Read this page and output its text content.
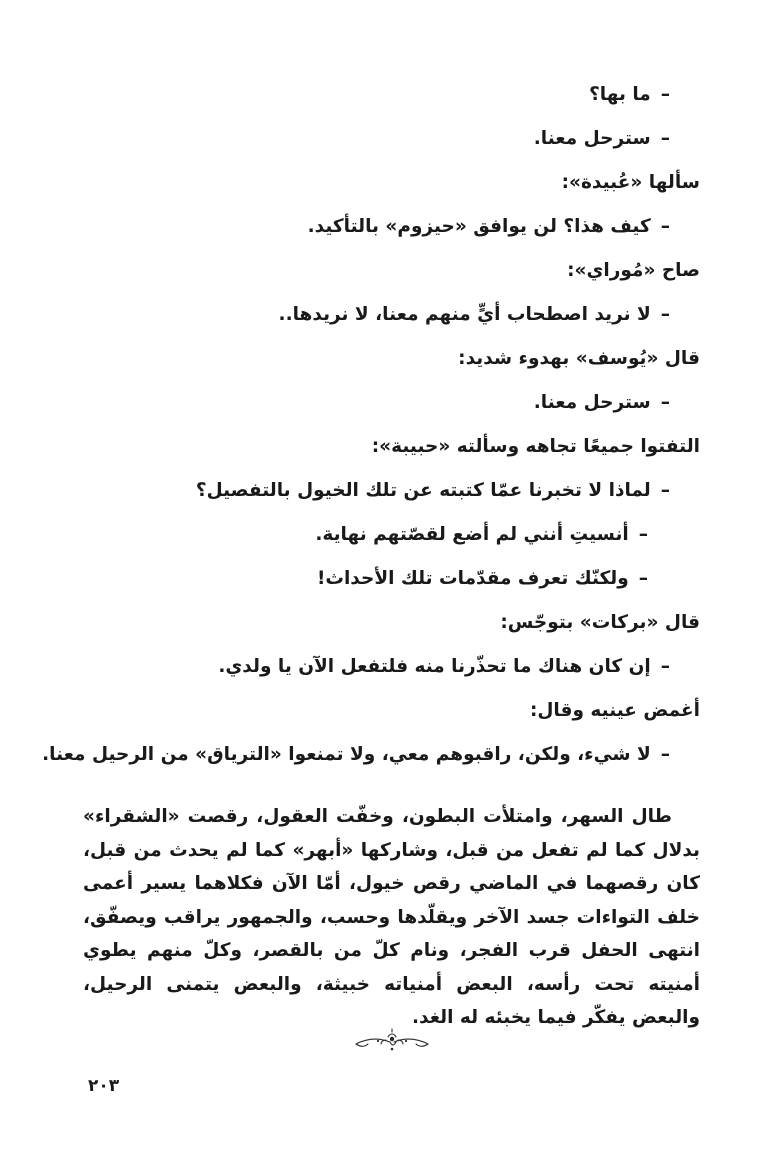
–ما بها؟
–سترحل معنا.
سألها «عُبيدة»:
–كيف هذا؟ لن يوافق «حيزوم» بالتأكيد.
صاح «مُوراي»:
–لا نريد اصطحاب أيٍّ منهم معنا، لا نريدها..
قال «يُوسف» بهدوء شديد:
–سترحل معنا.
التفتوا جميعًا تجاهه وسألته «حبيبة»:
–لماذا لا تخبرنا عمّا كتبته عن تلك الخيول بالتفصيل؟
–أنسيتِ أنني لم أضع لقصّتهم نهاية.
–ولكنّك تعرف مقدّمات تلك الأحداث!
قال «بركات» بتوجّس:
–إن كان هناك ما تحذّرنا منه فلتفعل الآن يا ولدي.
أغمض عينيه وقال:
–لا شيء، ولكن، راقبوهم معي، ولا تمنعوا «الترياق» من الرحيل معنا.
طال السهر، وامتلأت البطون، وخفّت العقول، رقصت «الشقراء» بدلال كما لم تفعل من قبل، وشاركها «أبهر» كما لم يحدث من قبل، كان رقصهما في الماضي رقص خيول، أمّا الآن فكلاهما يسير أعمى خلف التواءات جسد الآخر ويقلّدها وحسب، والجمهور يراقب ويصفّق، انتهى الحفل قرب الفجر، ونام كلّ من بالقصر، وكلّ منهم يطوي أمنيته تحت رأسه، البعض أمنياته خبيثة، والبعض يتمنى الرحيل، والبعض يفكّر فيما يخبئه له الغد.
٢٠٣
